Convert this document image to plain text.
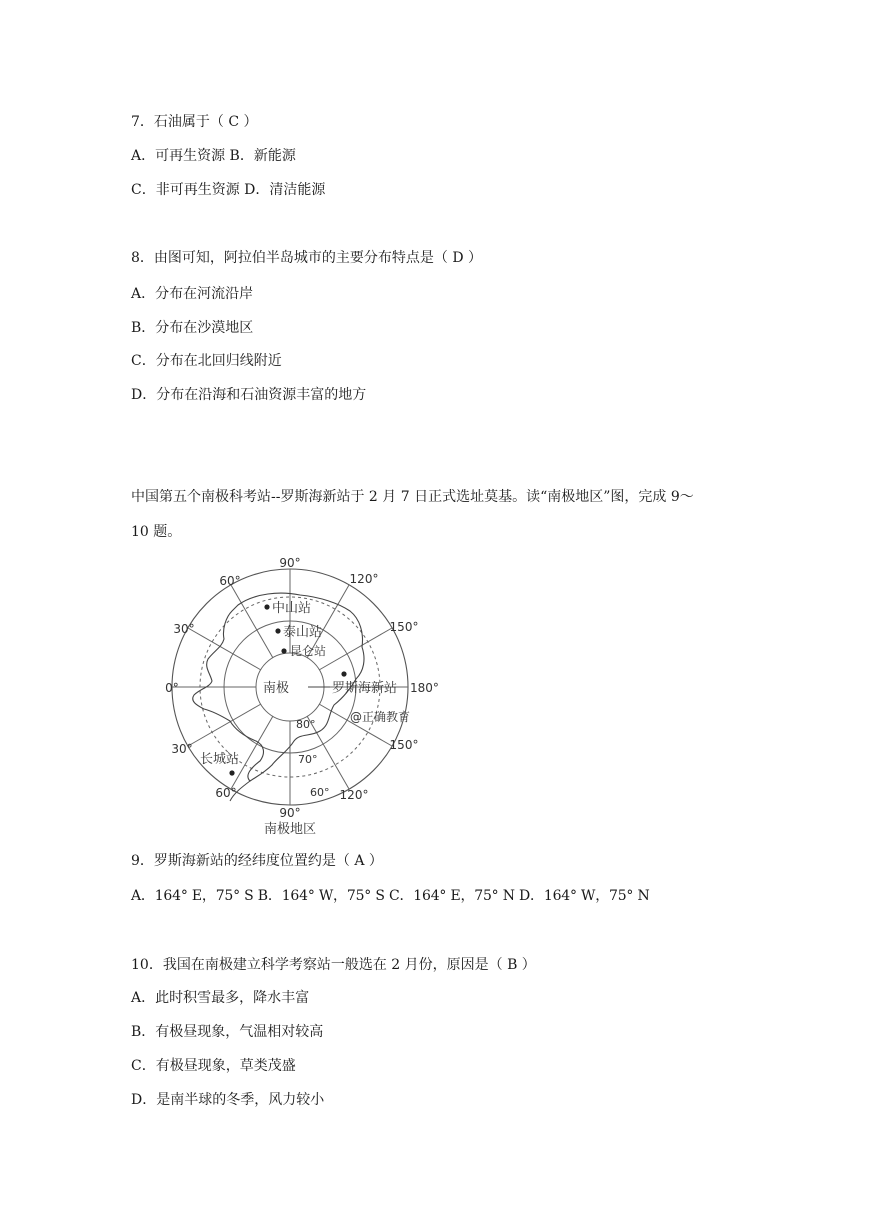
7．石油属于（ C ）
A．可再生资源 B．新能源
C．非可再生资源 D．清洁能源
8．由图可知，阿拉伯半岛城市的主要分布特点是（ D ）
A．分布在河流沿岸
B．分布在沙漠地区
C．分布在北回归线附近
D．分布在沿海和石油资源丰富的地方
中国第五个南极科考站--罗斯海新站于 2 月 7 日正式选址莫基。读“南极地区”图，完成 9～
10 题。
90°
120°
150°
180°
150°
120°
90°
60°
30°
0°
30°
60°
80°
70°
60°
南极
中山站
泰山站
昆仑站
罗斯海新站
长城站
@正确教育
南极地区
9．罗斯海新站的经纬度位置约是（ A ）
A．164° E，75° S B．164° W，75° S C．164° E，75° N D．164° W，75° N
10．我国在南极建立科学考察站一般选在 2 月份，原因是（ B ）
A．此时积雪最多，降水丰富
B．有极昼现象，气温相对较高
C．有极昼现象，草类茂盛
D．是南半球的冬季，风力较小
